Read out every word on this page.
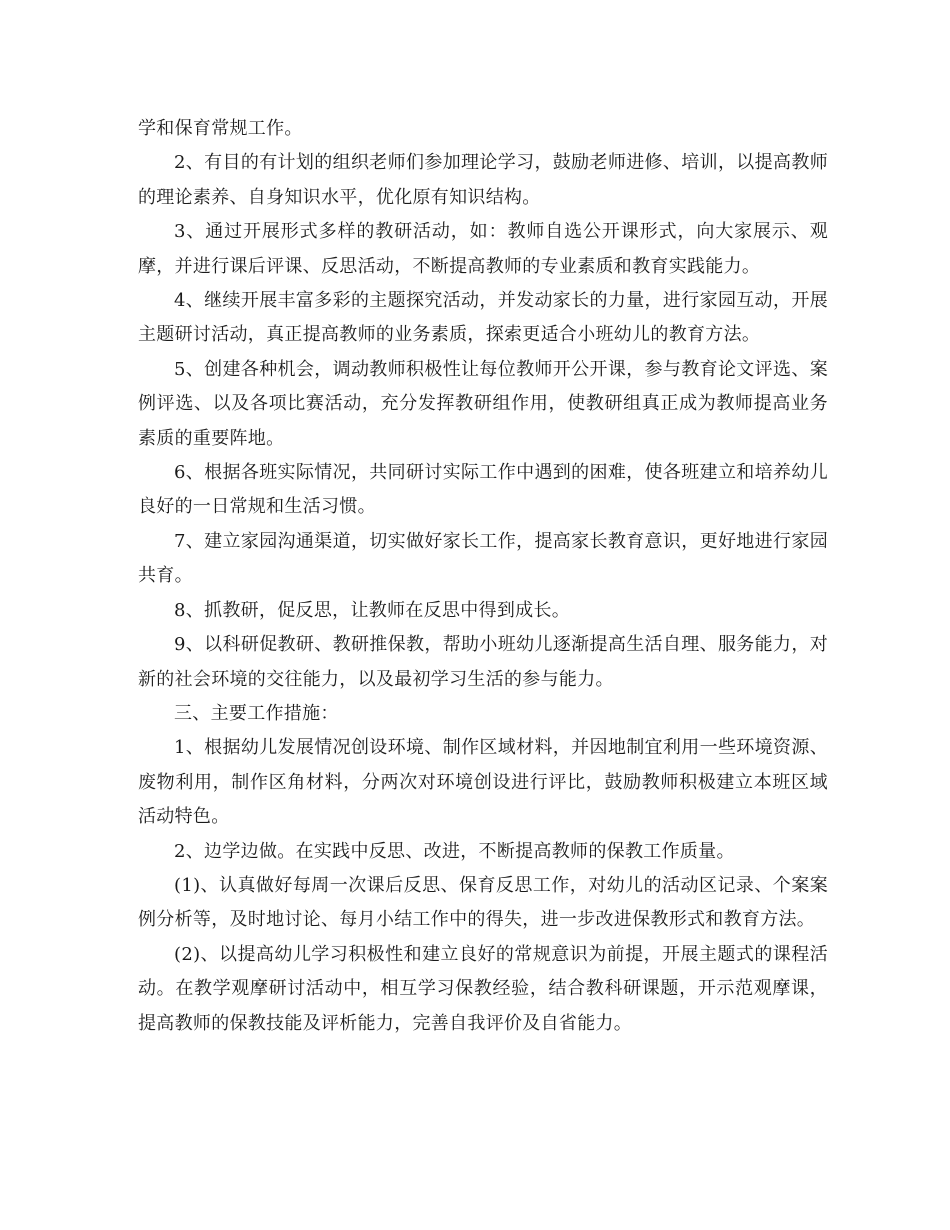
学和保育常规工作。

2、有目的有计划的组织老师们参加理论学习，鼓励老师进修、培训，以提高教师的理论素养、自身知识水平，优化原有知识结构。

3、通过开展形式多样的教研活动，如：教师自选公开课形式，向大家展示、观摩，并进行课后评课、反思活动，不断提高教师的专业素质和教育实践能力。

4、继续开展丰富多彩的主题探究活动，并发动家长的力量，进行家园互动，开展主题研讨活动，真正提高教师的业务素质，探索更适合小班幼儿的教育方法。

5、创建各种机会，调动教师积极性让每位教师开公开课，参与教育论文评选、案例评选、以及各项比赛活动，充分发挥教研组作用，使教研组真正成为教师提高业务素质的重要阵地。

6、根据各班实际情况，共同研讨实际工作中遇到的困难，使各班建立和培养幼儿良好的一日常规和生活习惯。

7、建立家园沟通渠道，切实做好家长工作，提高家长教育意识，更好地进行家园共育。

8、抓教研，促反思，让教师在反思中得到成长。

9、以科研促教研、教研推保教，帮助小班幼儿逐渐提高生活自理、服务能力，对新的社会环境的交往能力，以及最初学习生活的参与能力。

三、主要工作措施：

1、根据幼儿发展情况创设环境、制作区域材料，并因地制宜利用一些环境资源、废物利用，制作区角材料，分两次对环境创设进行评比，鼓励教师积极建立本班区域活动特色。

2、边学边做。在实践中反思、改进，不断提高教师的保教工作质量。

(1)、认真做好每周一次课后反思、保育反思工作，对幼儿的活动区记录、个案案例分析等，及时地讨论、每月小结工作中的得失，进一步改进保教形式和教育方法。

(2)、以提高幼儿学习积极性和建立良好的常规意识为前提，开展主题式的课程活动。在教学观摩研讨活动中，相互学习保教经验，结合教科研课题，开示范观摩课，提高教师的保教技能及评析能力，完善自我评价及自省能力。
